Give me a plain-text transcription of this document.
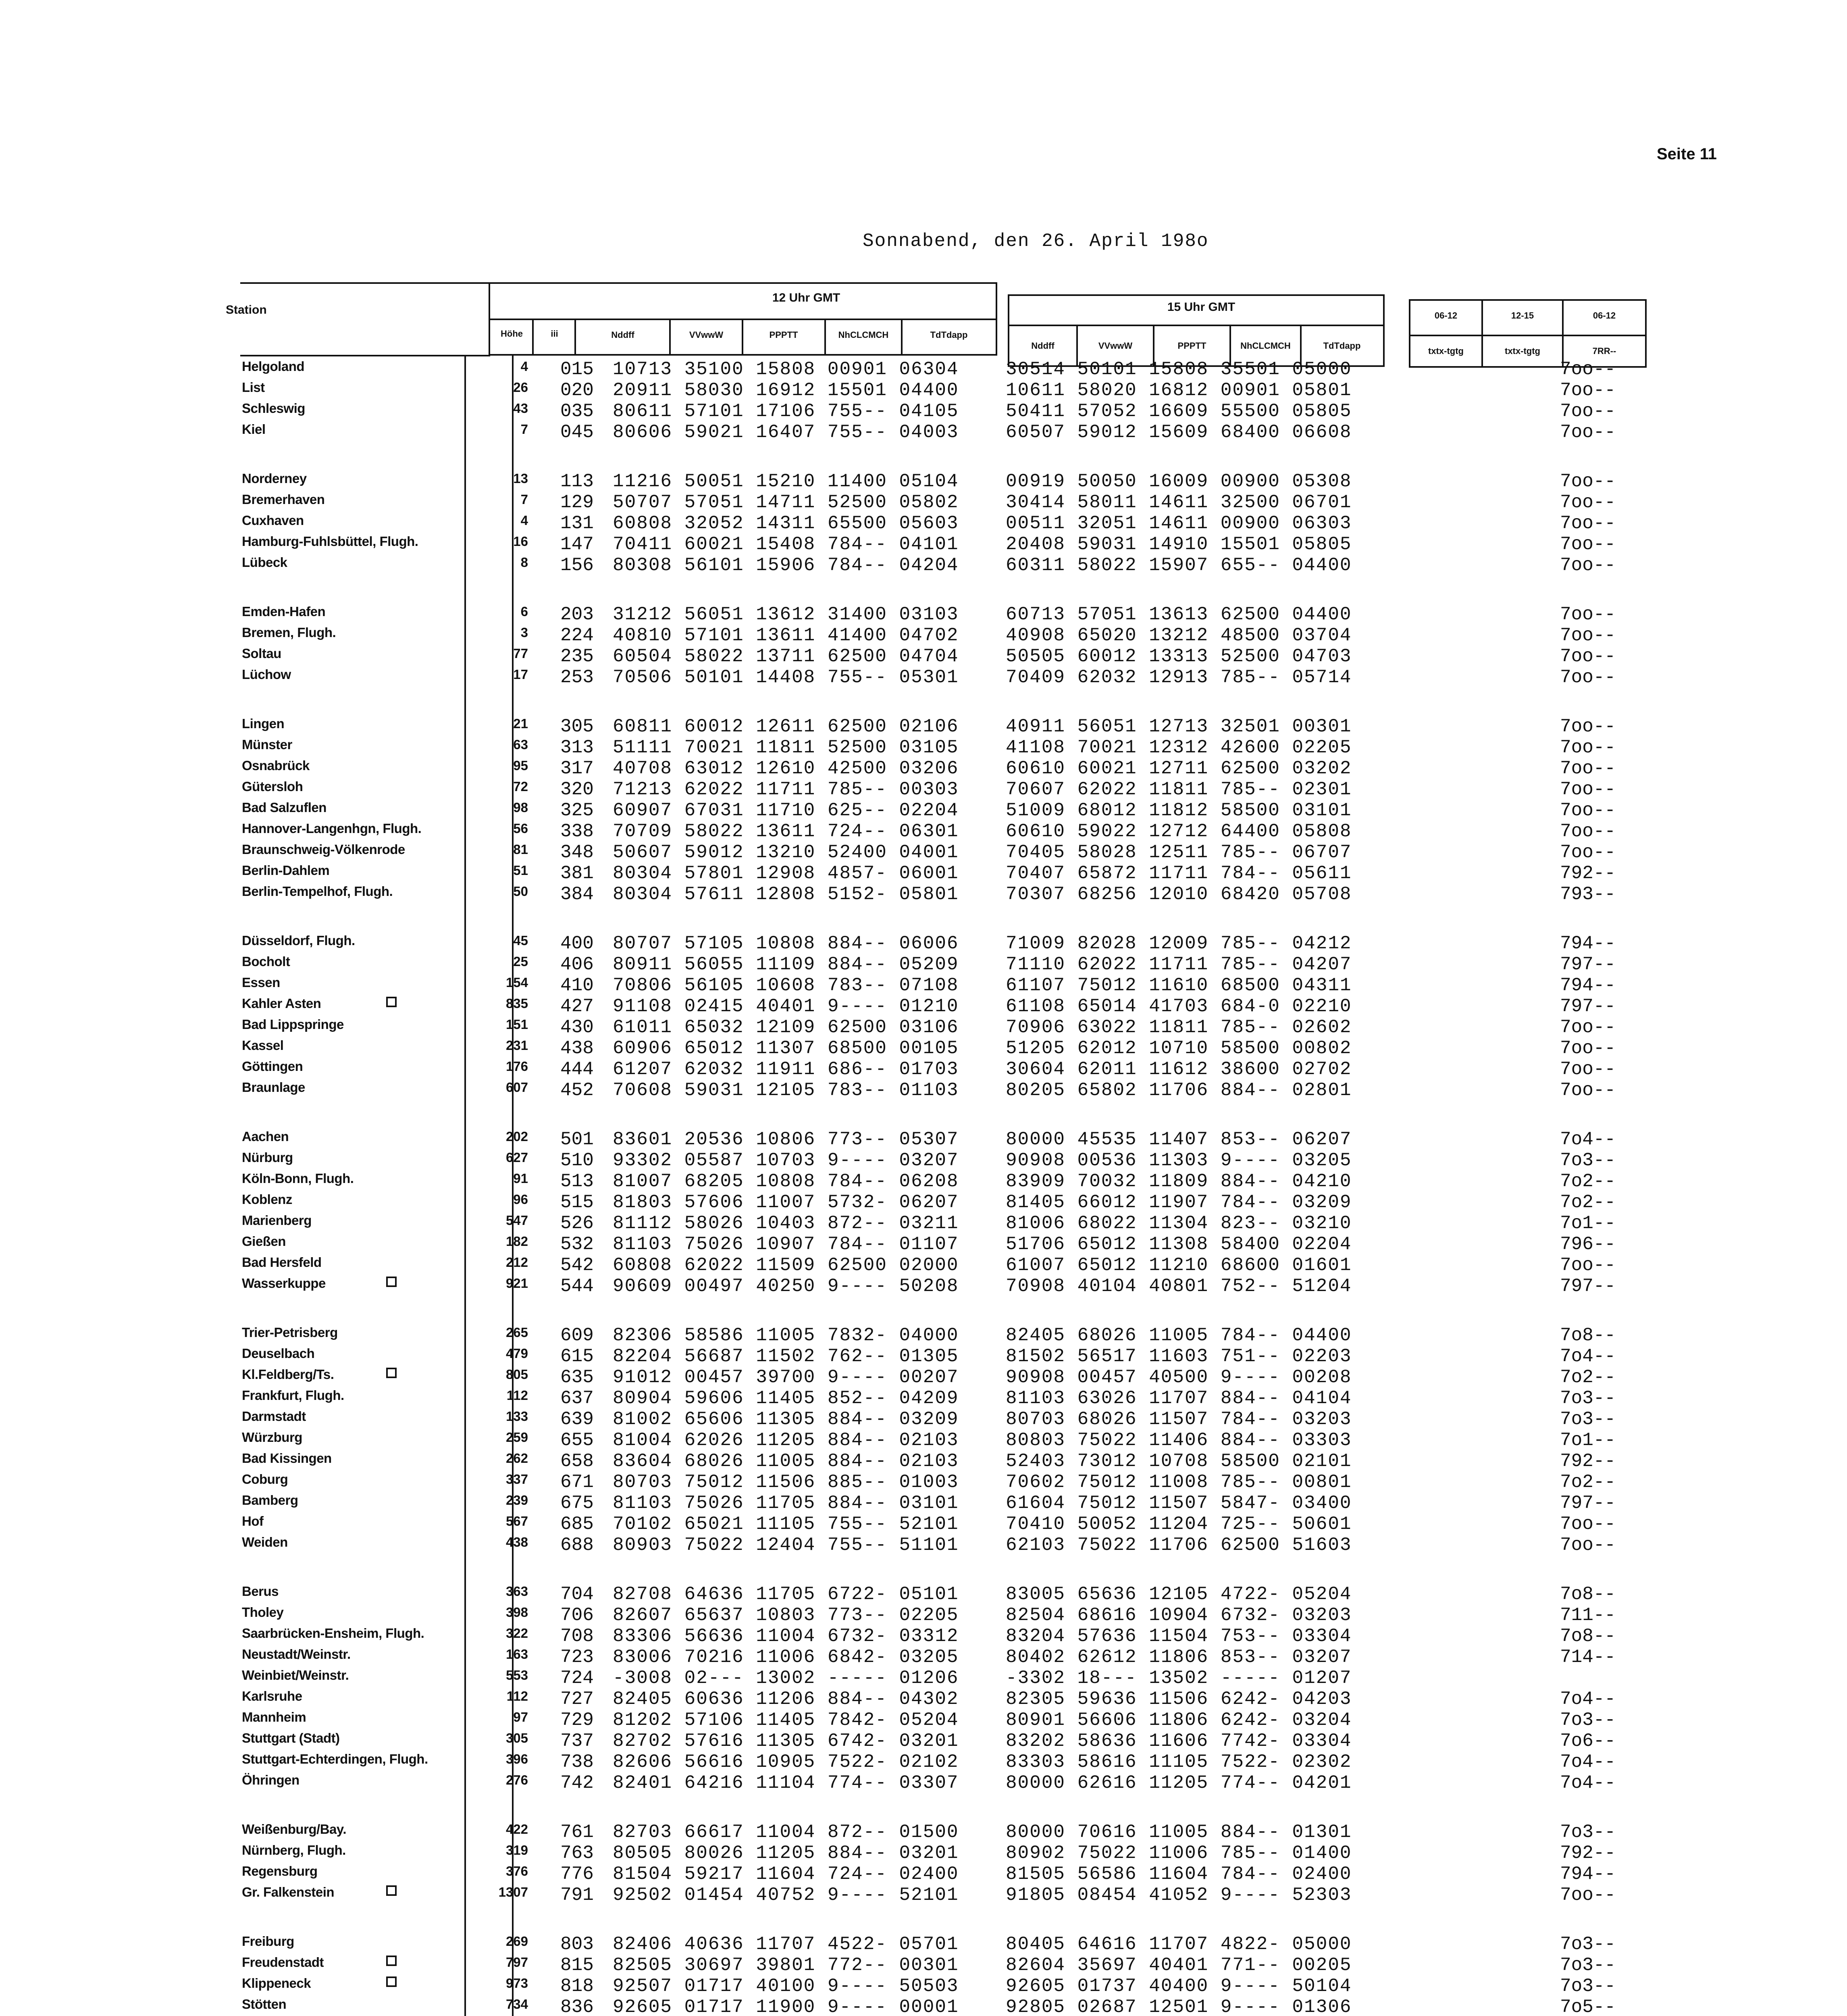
Seite 11
Sonnabend, den 26. April 198o
Station
Höhe	iii
12 Uhr GMT
Nddff	VVwwW	PPPTT	NhCLCMCH	TdTdapp
15 Uhr GMT
Nddff	VVwwW	PPPTT	NhCLCMCH	TdTdapp
06-12	12-15	06-12
txtx-tgtg	txtx-tgtg	7RR--
Helgoland	4 015 10713 35100 15808 00901 06304	30514 50101 15808 35501 05000	7oo--
List	26 020 20911 58030 16912 15501 04400	10611 58020 16812 00901 05801	7oo--
Schleswig	43 035 80611 57101 17106 755-- 04105	50411 57052 16609 55500 05805	7oo--
Kiel	7 045 80606 59021 16407 755-- 04003	60507 59012 15609 68400 06608	7oo--
Norderney	13 113 11216 50051 15210 11400 05104	00919 50050 16009 00900 05308	7oo--
Bremerhaven	7 129 50707 57051 14711 52500 05802	30414 58011 14611 32500 06701	7oo--
Cuxhaven	4 131 60808 32052 14311 65500 05603	00511 32051 14611 00900 06303	7oo--
Hamburg-Fuhlsbüttel, Flugh.	16 147 70411 60021 15408 784-- 04101	20408 59031 14910 15501 05805	7oo--
Lübeck	8 156 80308 56101 15906 784-- 04204	60311 58022 15907 655-- 04400	7oo--
Emden-Hafen	6 203 31212 56051 13612 31400 03103	60713 57051 13613 62500 04400	7oo--
Bremen, Flugh.	3 224 40810 57101 13611 41400 04702	40908 65020 13212 48500 03704	7oo--
Soltau	77 235 60504 58022 13711 62500 04704	50505 60012 13313 52500 04703	7oo--
Lüchow	17 253 70506 50101 14408 755-- 05301	70409 62032 12913 785-- 05714	7oo--
Lingen	21 305 60811 60012 12611 62500 02106	40911 56051 12713 32501 00301	7oo--
Münster	63 313 51111 70021 11811 52500 03105	41108 70021 12312 42600 02205	7oo--
Osnabrück	95 317 40708 63012 12610 42500 03206	60610 60021 12711 62500 03202	7oo--
Gütersloh	72 320 71213 62022 11711 785-- 00303	70607 62022 11811 785-- 02301	7oo--
Bad Salzuflen	98 325 60907 67031 11710 625-- 02204	51009 68012 11812 58500 03101	7oo--
Hannover-Langenhgn, Flugh.	56 338 70709 58022 13611 724-- 06301	60610 59022 12712 64400 05808	7oo--
Braunschweig-Völkenrode	81 348 50607 59012 13210 52400 04001	70405 58028 12511 785-- 06707	7oo--
Berlin-Dahlem	51 381 80304 57801 12908 4857- 06001	70407 65872 11711 784-- 05611	792--
Berlin-Tempelhof, Flugh.	50 384 80304 57611 12808 5152- 05801	70307 68256 12010 68420 05708	793--
Düsseldorf, Flugh.	45 400 80707 57105 10808 884-- 06006	71009 82028 12009 785-- 04212	794--
Bocholt	25 406 80911 56055 11109 884-- 05209	71110 62022 11711 785-- 04207	797--
Essen	154 410 70806 56105 10608 783-- 07108	61107 75012 11610 68500 04311	794--
Kahler Asten	835 427 91108 02415 40401 9---- 01210	61108 65014 41703 684-0 02210	797--
Bad Lippspringe	151 430 61011 65032 12109 62500 03106	70906 63022 11811 785-- 02602	7oo--
Kassel	231 438 60906 65012 11307 68500 00105	51205 62012 10710 58500 00802	7oo--
Göttingen	176 444 61207 62032 11911 686-- 01703	30604 62011 11612 38600 02702	7oo--
Braunlage	607 452 70608 59031 12105 783-- 01103	80205 65802 11706 884-- 02801	7oo--
Aachen	202 501 83601 20536 10806 773-- 05307	80000 45535 11407 853-- 06207	7o4--
Nürburg	627 510 93302 05587 10703 9---- 03207	90908 00536 11303 9---- 03205	7o3--
Köln-Bonn, Flugh.	91 513 81007 68205 10808 784-- 06208	83909 70032 11809 884-- 04210	7o2--
Koblenz	96 515 81803 57606 11007 5732- 06207	81405 66012 11907 784-- 03209	7o2--
Marienberg	547 526 81112 58026 10403 872-- 03211	81006 68022 11304 823-- 03210	7o1--
Gießen	182 532 81103 75026 10907 784-- 01107	51706 65012 11308 58400 02204	796--
Bad Hersfeld	212 542 60808 62022 11509 62500 02000	61007 65012 11210 68600 01601	7oo--
Wasserkuppe	921 544 90609 00497 40250 9---- 50208	70908 40104 40801 752-- 51204	797--
Trier-Petrisberg	265 609 82306 58586 11005 7832- 04000	82405 68026 11005 784-- 04400	7o8--
Deuselbach	479 615 82204 56687 11502 762-- 01305	81502 56517 11603 751-- 02203	7o4--
Kl.Feldberg/Ts.	805 635 91012 00457 39700 9---- 00207	90908 00457 40500 9---- 00208	7o2--
Frankfurt, Flugh.	112 637 80904 59606 11405 852-- 04209	81103 63026 11707 884-- 04104	7o3--
Darmstadt	133 639 81002 65606 11305 884-- 03209	80703 68026 11507 784-- 03203	7o3--
Würzburg	259 655 81004 62026 11205 884-- 02103	80803 75022 11406 884-- 03303	7o1--
Bad Kissingen	262 658 83604 68026 11005 884-- 02103	52403 73012 10708 58500 02101	792--
Coburg	337 671 80703 75012 11506 885-- 01003	70602 75012 11008 785-- 00801	7o2--
Bamberg	239 675 81103 75026 11705 884-- 03101	61604 75012 11507 5847- 03400	797--
Hof	567 685 70102 65021 11105 755-- 52101	70410 50052 11204 725-- 50601	7oo--
Weiden	438 688 80903 75022 12404 755-- 51101	62103 75022 11706 62500 51603	7oo--
Berus	363 704 82708 64636 11705 6722- 05101	83005 65636 12105 4722- 05204	7o8--
Tholey	398 706 82607 65637 10803 773-- 02205	82504 68616 10904 6732- 03203	711--
Saarbrücken-Ensheim, Flugh.	322 708 83306 56636 11004 6732- 03312	83204 57636 11504 753-- 03304	7o8--
Neustadt/Weinstr.	163 723 83006 70216 11006 6842- 03205	80402 62612 11806 853-- 03207	714--
Weinbiet/Weinstr.	553 724 -3008 02--- 13002 ----- 01206	-3302 18--- 13502 ----- 01207
Karlsruhe	112 727 82405 60636 11206 884-- 04302	82305 59636 11506 6242- 04203	7o4--
Mannheim	97 729 81202 57106 11405 7842- 05204	80901 56606 11806 6242- 03204	7o3--
Stuttgart (Stadt)	305 737 82702 57616 11305 6742- 03201	83202 58636 11606 7742- 03304	7o6--
Stuttgart-Echterdingen, Flugh.	396 738 82606 56616 10905 7522- 02102	83303 58616 11105 7522- 02302	7o4--
Öhringen	276 742 82401 64216 11104 774-- 03307	80000 62616 11205 774-- 04201	7o4--
Weißenburg/Bay.	422 761 82703 66617 11004 872-- 01500	80000 70616 11005 884-- 01301	7o3--
Nürnberg, Flugh.	319 763 80505 80026 11205 884-- 03201	80902 75022 11006 785-- 01400	792--
Regensburg	376 776 81504 59217 11604 724-- 02400	81505 56586 11604 784-- 02400	794--
Gr. Falkenstein	1307 791 92502 01454 40752 9---- 52101	91805 08454 41052 9---- 52303	7oo--
Freiburg	269 803 82406 40636 11707 4522- 05701	80405 64616 11707 4822- 05000	7o3--
Freudenstadt	797 815 82505 30697 39801 772-- 00301	82604 35697 40401 771-- 00205	7o3--
Klippeneck	973 818 92507 01717 40100 9---- 50503	92605 01737 40400 9---- 50104	7o3--
Stötten	734 836 92605 01717 11900 9---- 00001	92805 02687 12501 9---- 01306	7o5--
